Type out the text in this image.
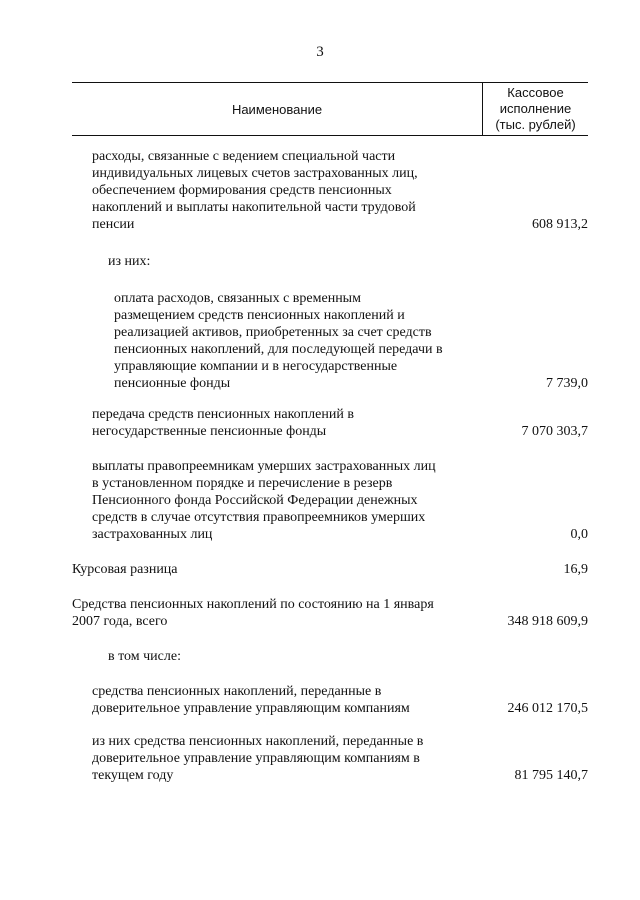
3
Наименование
Кассовое
исполнение
(тыс. рублей)
расходы, связанные с ведением специальной части
индивидуальных лицевых счетов застрахованных лиц,
обеспечением формирования средств пенсионных
накоплений и выплаты накопительной части трудовой
пенсии	608 913,2
из них:
оплата расходов, связанных с временным
размещением средств пенсионных накоплений и
реализацией активов, приобретенных за счет средств
пенсионных накоплений, для последующей передачи в
управляющие компании и в негосударственные
пенсионные фонды	7 739,0
передача средств пенсионных накоплений в
негосударственные пенсионные фонды	7 070 303,7
выплаты правопреемникам умерших застрахованных лиц
в установленном порядке и перечисление в резерв
Пенсионного фонда Российской Федерации денежных
средств в случае отсутствия правопреемников умерших
застрахованных лиц	0,0
Курсовая разница	16,9
Средства пенсионных накоплений по состоянию на 1 января
2007 года, всего	348 918 609,9
в том числе:
средства пенсионных накоплений, переданные в
доверительное управление управляющим компаниям	246 012 170,5
из них средства пенсионных накоплений, переданные в
доверительное управление управляющим компаниям в
текущем году	81 795 140,7
